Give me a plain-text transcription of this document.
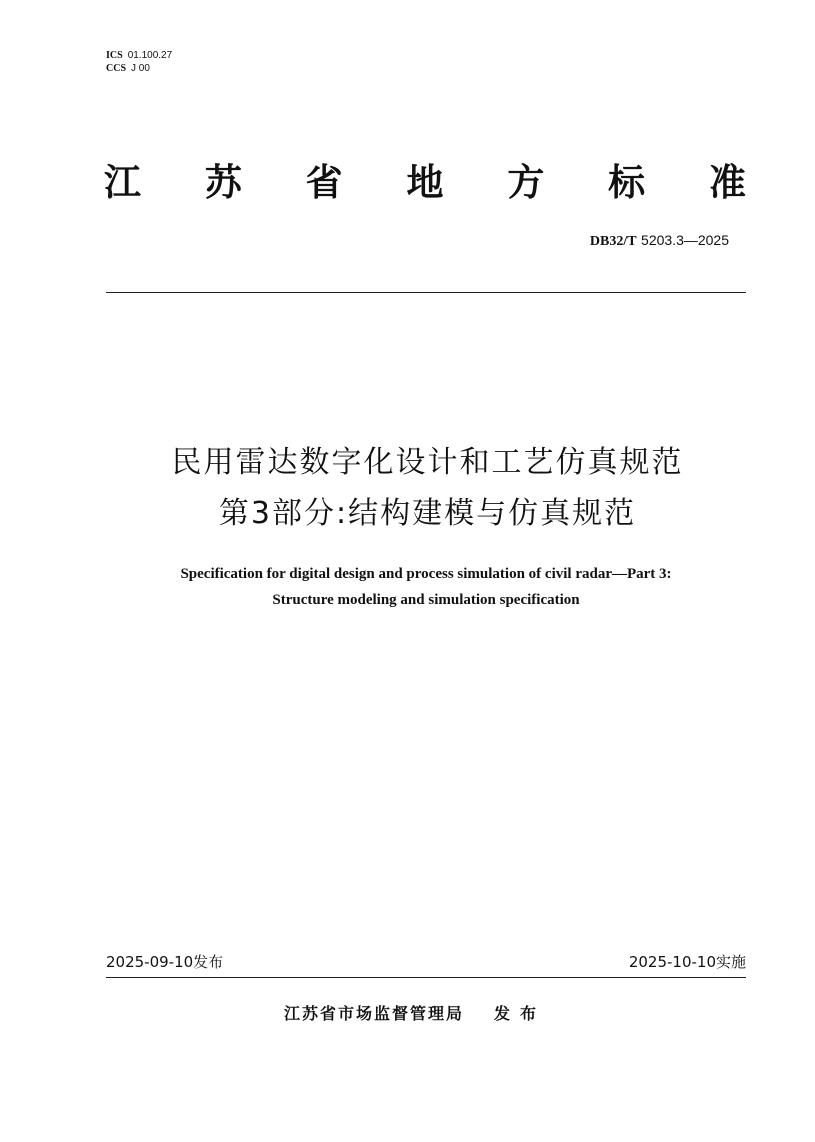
ICS 01.100.27
CCS J 00
江 苏 省 地 方 标 准
DB32/T 5203.3—2025
民用雷达数字化设计和工艺仿真规范
第3部分:结构建模与仿真规范
Specification for digital design and process simulation of civil radar—Part 3:
Structure modeling and simulation specification
2025-09-10发布	2025-10-10实施
江苏省市场监督管理局 发布
